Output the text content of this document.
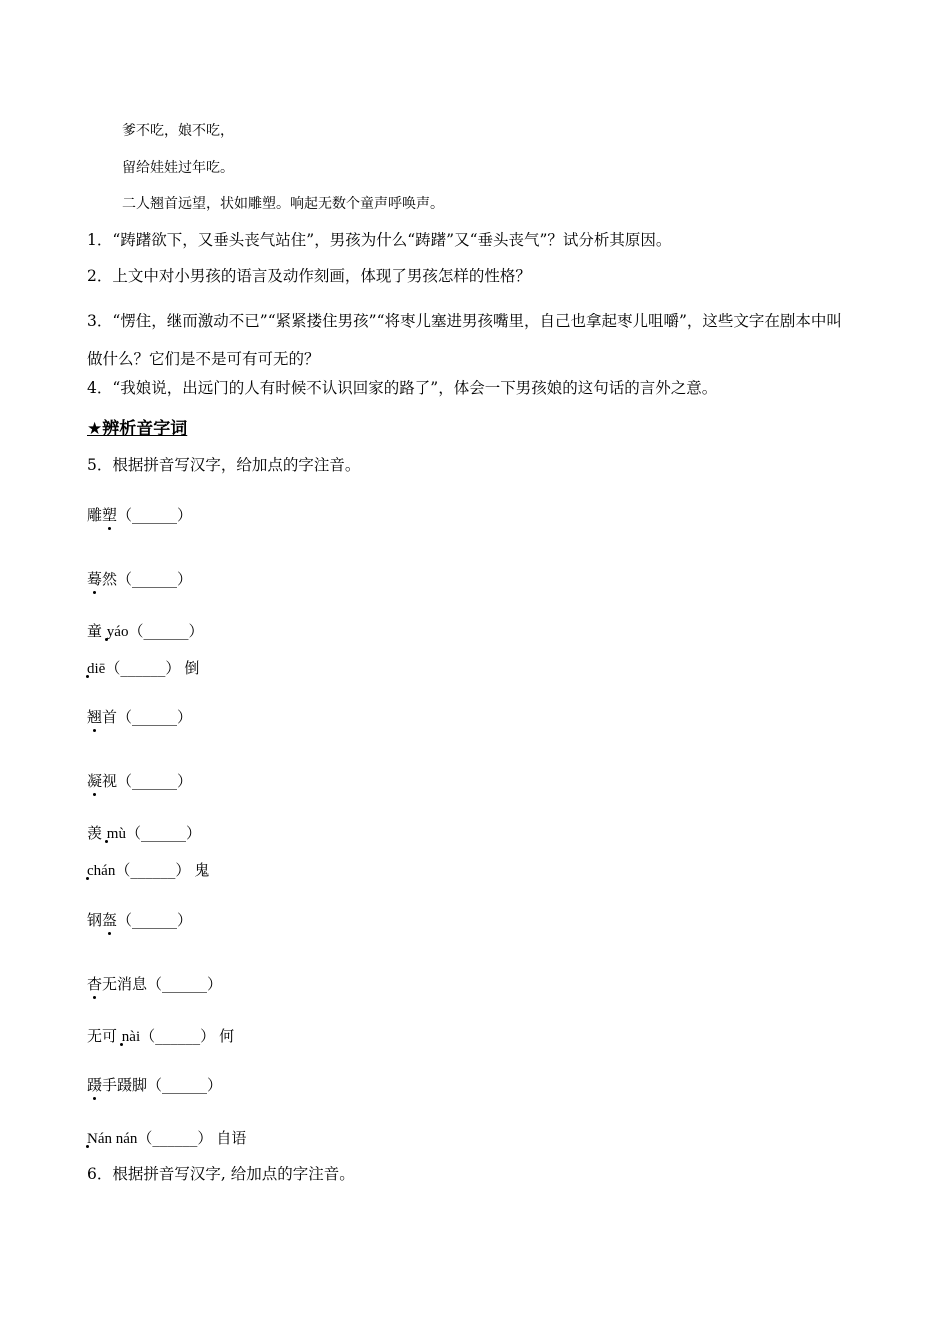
爹不吃，娘不吃，
留给娃娃过年吃。
二人翘首远望，状如雕塑。响起无数个童声呼唤声。
1．“踌躇欲下，又垂头丧气站住”，男孩为什么“踌躇”又“垂头丧气”？试分析其原因。
2．上文中对小男孩的语言及动作刻画，体现了男孩怎样的性格？
3．“愣住，继而激动不已”“紧紧搂住男孩”“将枣儿塞进男孩嘴里，自己也拿起枣儿咀嚼”，这些文字在剧本中叫做什么？它们是不是可有可无的？
4．“我娘说，出远门的人有时候不认识回家的路了”，体会一下男孩娘的这句话的言外之意。
★辨析音字词
5．根据拼音写汉字，给加点的字注音。
雕塑（______）
蓦然（______）
童 yáo（______）
diē（______） 倒
翘首（______）
凝视（______）
羡 mù（______）
chán（______） 鬼
钢盔（______）
杳无消息（______）
无可 nài（______） 何
蹑手蹑脚（______）
Nán nán（______） 自语
6．根据拼音写汉字, 给加点的字注音。
